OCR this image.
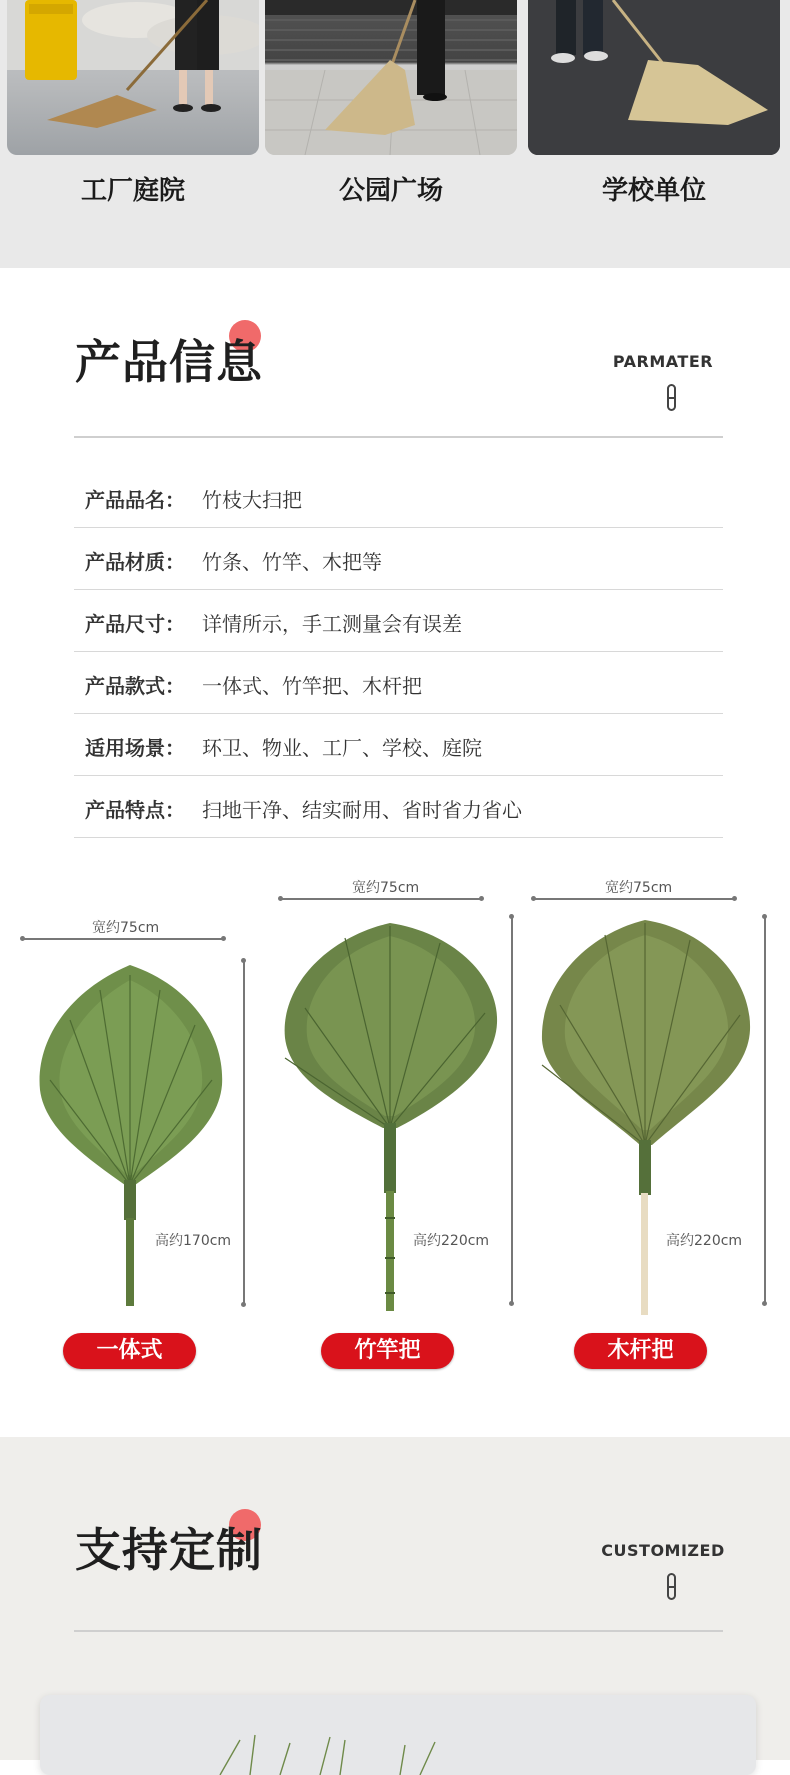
工厂庭院	公园广场	学校单位
产品信息	PARMATER
产品品名： 竹枝大扫把
产品材质： 竹条、竹竿、木把等
产品尺寸： 详情所示，手工测量会有误差
产品款式： 一体式、竹竿把、木杆把
适用场景： 环卫、物业、工厂、学校、庭院
产品特点： 扫地干净、结实耐用、省时省力省心
宽约75cm
高约170cm
一体式
宽约75cm
高约220cm
竹竿把
宽约75cm
高约220cm
木杆把
支持定制	CUSTOMIZED
